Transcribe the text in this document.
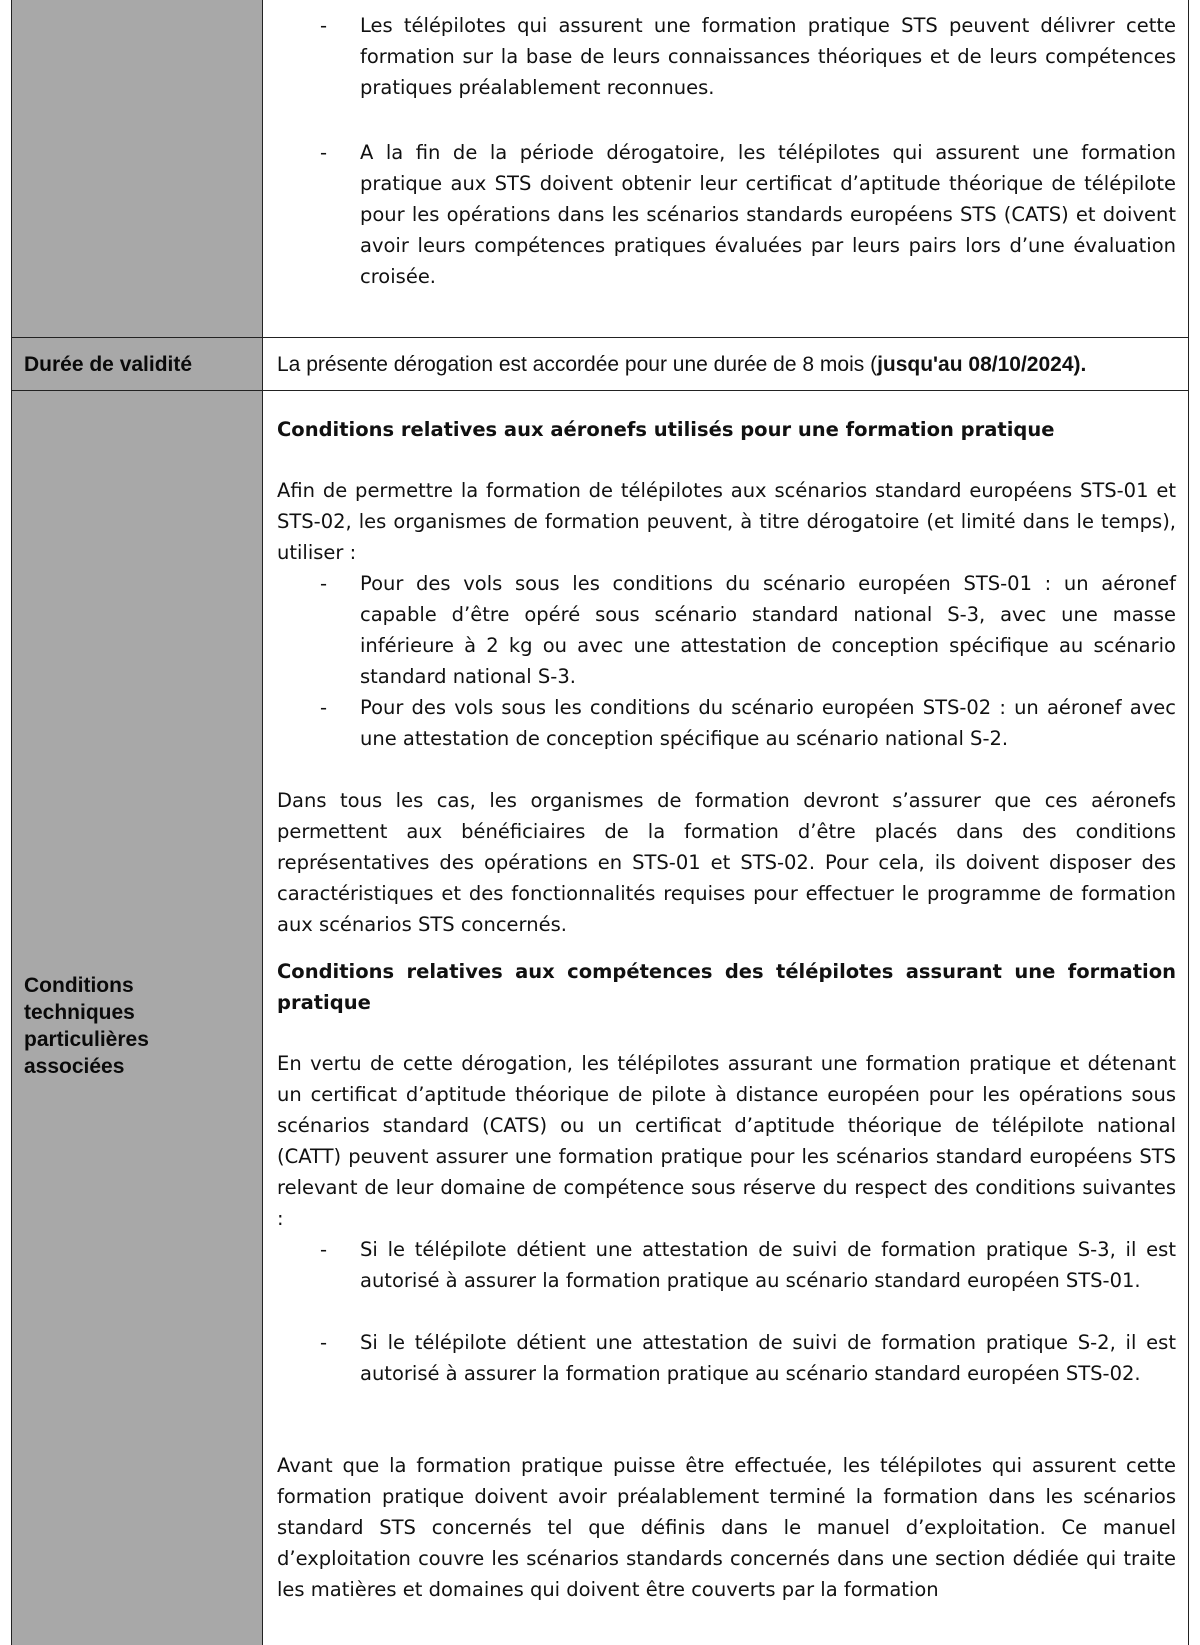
- Les télépilotes qui assurent une formation pratique STS peuvent délivrer cette formation sur la base de leurs connaissances théoriques et de leurs compétences pratiques préalablement reconnues.
- A la fin de la période dérogatoire, les télépilotes qui assurent une formation pratique aux STS doivent obtenir leur certificat d’aptitude théorique de télépilote pour les opérations dans les scénarios standards européens STS (CATS) et doivent avoir leurs compétences pratiques évaluées par leurs pairs lors d’une évaluation croisée.
Durée de validité	La présente dérogation est accordée pour une durée de 8 mois (jusqu'au 08/10/2024).
Conditions
techniques
particulières
associées
Conditions relatives aux aéronefs utilisés pour une formation pratique
Afin de permettre la formation de télépilotes aux scénarios standard européens STS-01 et STS-02, les organismes de formation peuvent, à titre dérogatoire (et limité dans le temps), utiliser :
- Pour des vols sous les conditions du scénario européen STS-01 : un aéronef capable d’être opéré sous scénario standard national S-3, avec une masse inférieure à 2 kg ou avec une attestation de conception spécifique au scénario standard national S-3.
- Pour des vols sous les conditions du scénario européen STS-02 : un aéronef avec une attestation de conception spécifique au scénario national S-2.
Dans tous les cas, les organismes de formation devront s’assurer que ces aéronefs permettent aux bénéficiaires de la formation d’être placés dans des conditions représentatives des opérations en STS-01 et STS-02. Pour cela, ils doivent disposer des caractéristiques et des fonctionnalités requises pour effectuer le programme de formation aux scénarios STS concernés.
Conditions relatives aux compétences des télépilotes assurant une formation pratique
En vertu de cette dérogation, les télépilotes assurant une formation pratique et détenant un certificat d’aptitude théorique de pilote à distance européen pour les opérations sous scénarios standard (CATS) ou un certificat d’aptitude théorique de télépilote national (CATT) peuvent assurer une formation pratique pour les scénarios standard européens STS relevant de leur domaine de compétence sous réserve du respect des conditions suivantes :
- Si le télépilote détient une attestation de suivi de formation pratique S-3, il est autorisé à assurer la formation pratique au scénario standard européen STS-01.
- Si le télépilote détient une attestation de suivi de formation pratique S-2, il est autorisé à assurer la formation pratique au scénario standard européen STS-02.
Avant que la formation pratique puisse être effectuée, les télépilotes qui assurent cette formation pratique doivent avoir préalablement terminé la formation dans les scénarios standard STS concernés tel que définis dans le manuel d’exploitation. Ce manuel d’exploitation couvre les scénarios standards concernés dans une section dédiée qui traite les matières et domaines qui doivent être couverts par la formation
